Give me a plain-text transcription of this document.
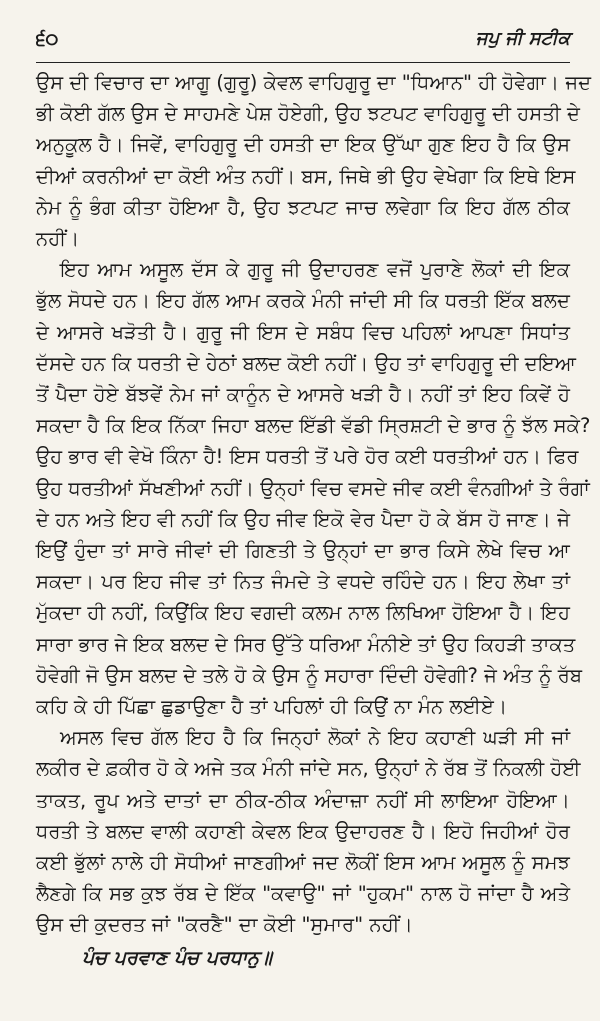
੬੦	ਜਪੁ ਜੀ ਸਟੀਕ
ਉਸ ਦੀ ਵਿਚਾਰ ਦਾ ਆਗੂ (ਗੁਰੂ) ਕੇਵਲ ਵਾਹਿਗੁਰੂ ਦਾ "ਧਿਆਨ" ਹੀ ਹੋਵੇਗਾ। ਜਦ
ਭੀ ਕੋਈ ਗੱਲ ਉਸ ਦੇ ਸਾਹਮਣੇ ਪੇਸ਼ ਹੋਏਗੀ, ਉਹ ਝਟਪਟ ਵਾਹਿਗੁਰੂ ਦੀ ਹਸਤੀ ਦੇ
ਅਨੁਕੂਲ ਹੈ। ਜਿਵੇਂ, ਵਾਹਿਗੁਰੂ ਦੀ ਹਸਤੀ ਦਾ ਇਕ ਉੱਘਾ ਗੁਣ ਇਹ ਹੈ ਕਿ ਉਸ
ਦੀਆਂ ਕਰਨੀਆਂ ਦਾ ਕੋਈ ਅੰਤ ਨਹੀਂ। ਬਸ, ਜਿਥੇ ਭੀ ਉਹ ਵੇਖੇਗਾ ਕਿ ਇਥੇ ਇਸ
ਨੇਮ ਨੂੰ ਭੰਗ ਕੀਤਾ ਹੋਇਆ ਹੈ, ਉਹ ਝਟਪਟ ਜਾਚ ਲਵੇਗਾ ਕਿ ਇਹ ਗੱਲ ਠੀਕ
ਨਹੀਂ।
ਇਹ ਆਮ ਅਸੂਲ ਦੱਸ ਕੇ ਗੁਰੂ ਜੀ ਉਦਾਹਰਣ ਵਜੋਂ ਪੁਰਾਣੇ ਲੋਕਾਂ ਦੀ ਇਕ
ਭੁੱਲ ਸੋਧਦੇ ਹਨ। ਇਹ ਗੱਲ ਆਮ ਕਰਕੇ ਮੰਨੀ ਜਾਂਦੀ ਸੀ ਕਿ ਧਰਤੀ ਇੱਕ ਬਲਦ
ਦੇ ਆਸਰੇ ਖੜੋਤੀ ਹੈ। ਗੁਰੂ ਜੀ ਇਸ ਦੇ ਸਬੰਧ ਵਿਚ ਪਹਿਲਾਂ ਆਪਣਾ ਸਿਧਾਂਤ
ਦੱਸਦੇ ਹਨ ਕਿ ਧਰਤੀ ਦੇ ਹੇਠਾਂ ਬਲਦ ਕੋਈ ਨਹੀਂ। ਉਹ ਤਾਂ ਵਾਹਿਗੁਰੂ ਦੀ ਦਇਆ
ਤੋਂ ਪੈਦਾ ਹੋਏ ਬੱਝਵੇਂ ਨੇਮ ਜਾਂ ਕਾਨੂੰਨ ਦੇ ਆਸਰੇ ਖੜੀ ਹੈ। ਨਹੀਂ ਤਾਂ ਇਹ ਕਿਵੇਂ ਹੋ
ਸਕਦਾ ਹੈ ਕਿ ਇਕ ਨਿੱਕਾ ਜਿਹਾ ਬਲਦ ਇੱਡੀ ਵੱਡੀ ਸ੍ਰਿਸ਼ਟੀ ਦੇ ਭਾਰ ਨੂੰ ਝੱਲ ਸਕੇ?
ਉਹ ਭਾਰ ਵੀ ਵੇਖੋ ਕਿੰਨਾ ਹੈ! ਇਸ ਧਰਤੀ ਤੋਂ ਪਰੇ ਹੋਰ ਕਈ ਧਰਤੀਆਂ ਹਨ। ਫਿਰ
ਉਹ ਧਰਤੀਆਂ ਸੱਖਣੀਆਂ ਨਹੀਂ। ਉਨ੍ਹਾਂ ਵਿਚ ਵਸਦੇ ਜੀਵ ਕਈ ਵੰਨਗੀਆਂ ਤੇ ਰੰਗਾਂ
ਦੇ ਹਨ ਅਤੇ ਇਹ ਵੀ ਨਹੀਂ ਕਿ ਉਹ ਜੀਵ ਇਕੋ ਵੇਰ ਪੈਦਾ ਹੋ ਕੇ ਬੱਸ ਹੋ ਜਾਣ। ਜੇ
ਇਉਂ ਹੁੰਦਾ ਤਾਂ ਸਾਰੇ ਜੀਵਾਂ ਦੀ ਗਿਣਤੀ ਤੇ ਉਨ੍ਹਾਂ ਦਾ ਭਾਰ ਕਿਸੇ ਲੇਖੇ ਵਿਚ ਆ
ਸਕਦਾ। ਪਰ ਇਹ ਜੀਵ ਤਾਂ ਨਿਤ ਜੰਮਦੇ ਤੇ ਵਧਦੇ ਰਹਿੰਦੇ ਹਨ। ਇਹ ਲੇਖਾ ਤਾਂ
ਮੁੱਕਦਾ ਹੀ ਨਹੀਂ, ਕਿਉਂਕਿ ਇਹ ਵਗਦੀ ਕਲਮ ਨਾਲ ਲਿਖਿਆ ਹੋਇਆ ਹੈ। ਇਹ
ਸਾਰਾ ਭਾਰ ਜੇ ਇਕ ਬਲਦ ਦੇ ਸਿਰ ਉੱਤੇ ਧਰਿਆ ਮੰਨੀਏ ਤਾਂ ਉਹ ਕਿਹੜੀ ਤਾਕਤ
ਹੋਵੇਗੀ ਜੋ ਉਸ ਬਲਦ ਦੇ ਤਲੇ ਹੋ ਕੇ ਉਸ ਨੂੰ ਸਹਾਰਾ ਦਿੰਦੀ ਹੋਵੇਗੀ? ਜੇ ਅੰਤ ਨੂੰ ਰੱਬ
ਕਹਿ ਕੇ ਹੀ ਪਿੱਛਾ ਛੁਡਾਉਣਾ ਹੈ ਤਾਂ ਪਹਿਲਾਂ ਹੀ ਕਿਉਂ ਨਾ ਮੰਨ ਲਈਏ।
ਅਸਲ ਵਿਚ ਗੱਲ ਇਹ ਹੈ ਕਿ ਜਿਨ੍ਹਾਂ ਲੋਕਾਂ ਨੇ ਇਹ ਕਹਾਣੀ ਘੜੀ ਸੀ ਜਾਂ
ਲਕੀਰ ਦੇ ਫ਼ਕੀਰ ਹੋ ਕੇ ਅਜੇ ਤਕ ਮੰਨੀ ਜਾਂਦੇ ਸਨ, ਉਨ੍ਹਾਂ ਨੇ ਰੱਬ ਤੋਂ ਨਿਕਲੀ ਹੋਈ
ਤਾਕਤ, ਰੂਪ ਅਤੇ ਦਾਤਾਂ ਦਾ ਠੀਕ-ਠੀਕ ਅੰਦਾਜ਼ਾ ਨਹੀਂ ਸੀ ਲਾਇਆ ਹੋਇਆ।
ਧਰਤੀ ਤੇ ਬਲਦ ਵਾਲੀ ਕਹਾਣੀ ਕੇਵਲ ਇਕ ਉਦਾਹਰਣ ਹੈ। ਇਹੋ ਜਿਹੀਆਂ ਹੋਰ
ਕਈ ਭੁੱਲਾਂ ਨਾਲੇ ਹੀ ਸੋਧੀਆਂ ਜਾਣਗੀਆਂ ਜਦ ਲੋਕੀਂ ਇਸ ਆਮ ਅਸੂਲ ਨੂੰ ਸਮਝ
ਲੈਣਗੇ ਕਿ ਸਭ ਕੁਝ ਰੱਬ ਦੇ ਇੱਕ "ਕਵਾਉ" ਜਾਂ "ਹੁਕਮ" ਨਾਲ ਹੋ ਜਾਂਦਾ ਹੈ ਅਤੇ
ਉਸ ਦੀ ਕੁਦਰਤ ਜਾਂ "ਕਰਣੈ" ਦਾ ਕੋਈ "ਸੁਮਾਰ" ਨਹੀਂ।
ਪੰਚ ਪਰਵਾਣ ਪੰਚ ਪਰਧਾਨੁ॥
